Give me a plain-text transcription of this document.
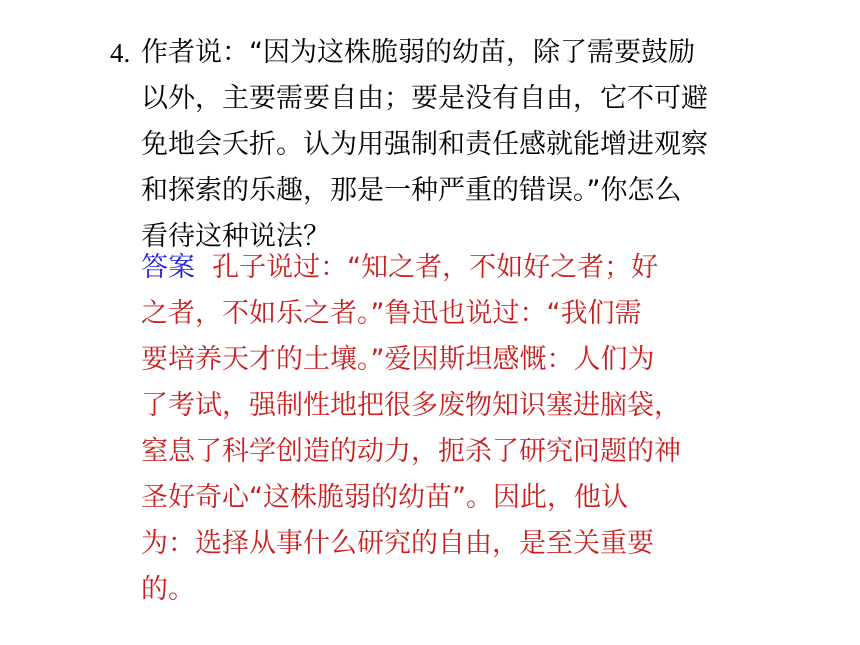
4. 作者说：“因为这株脆弱的幼苗，除了需要鼓励
以外，主要需要自由；要是没有自由，它不可避
免地会夭折。认为用强制和责任感就能增进观察
和探索的乐趣，那是一种严重的错误。”你怎么
看待这种说法？
答案 孔子说过：“知之者，不如好之者；好
之者，不如乐之者。”鲁迅也说过：“我们需
要培养天才的土壤。”爱因斯坦感慨：人们为
了考试，强制性地把很多废物知识塞进脑袋，
窒息了科学创造的动力，扼杀了研究问题的神
圣好奇心“这株脆弱的幼苗”。因此，他认
为：选择从事什么研究的自由，是至关重要
的。
